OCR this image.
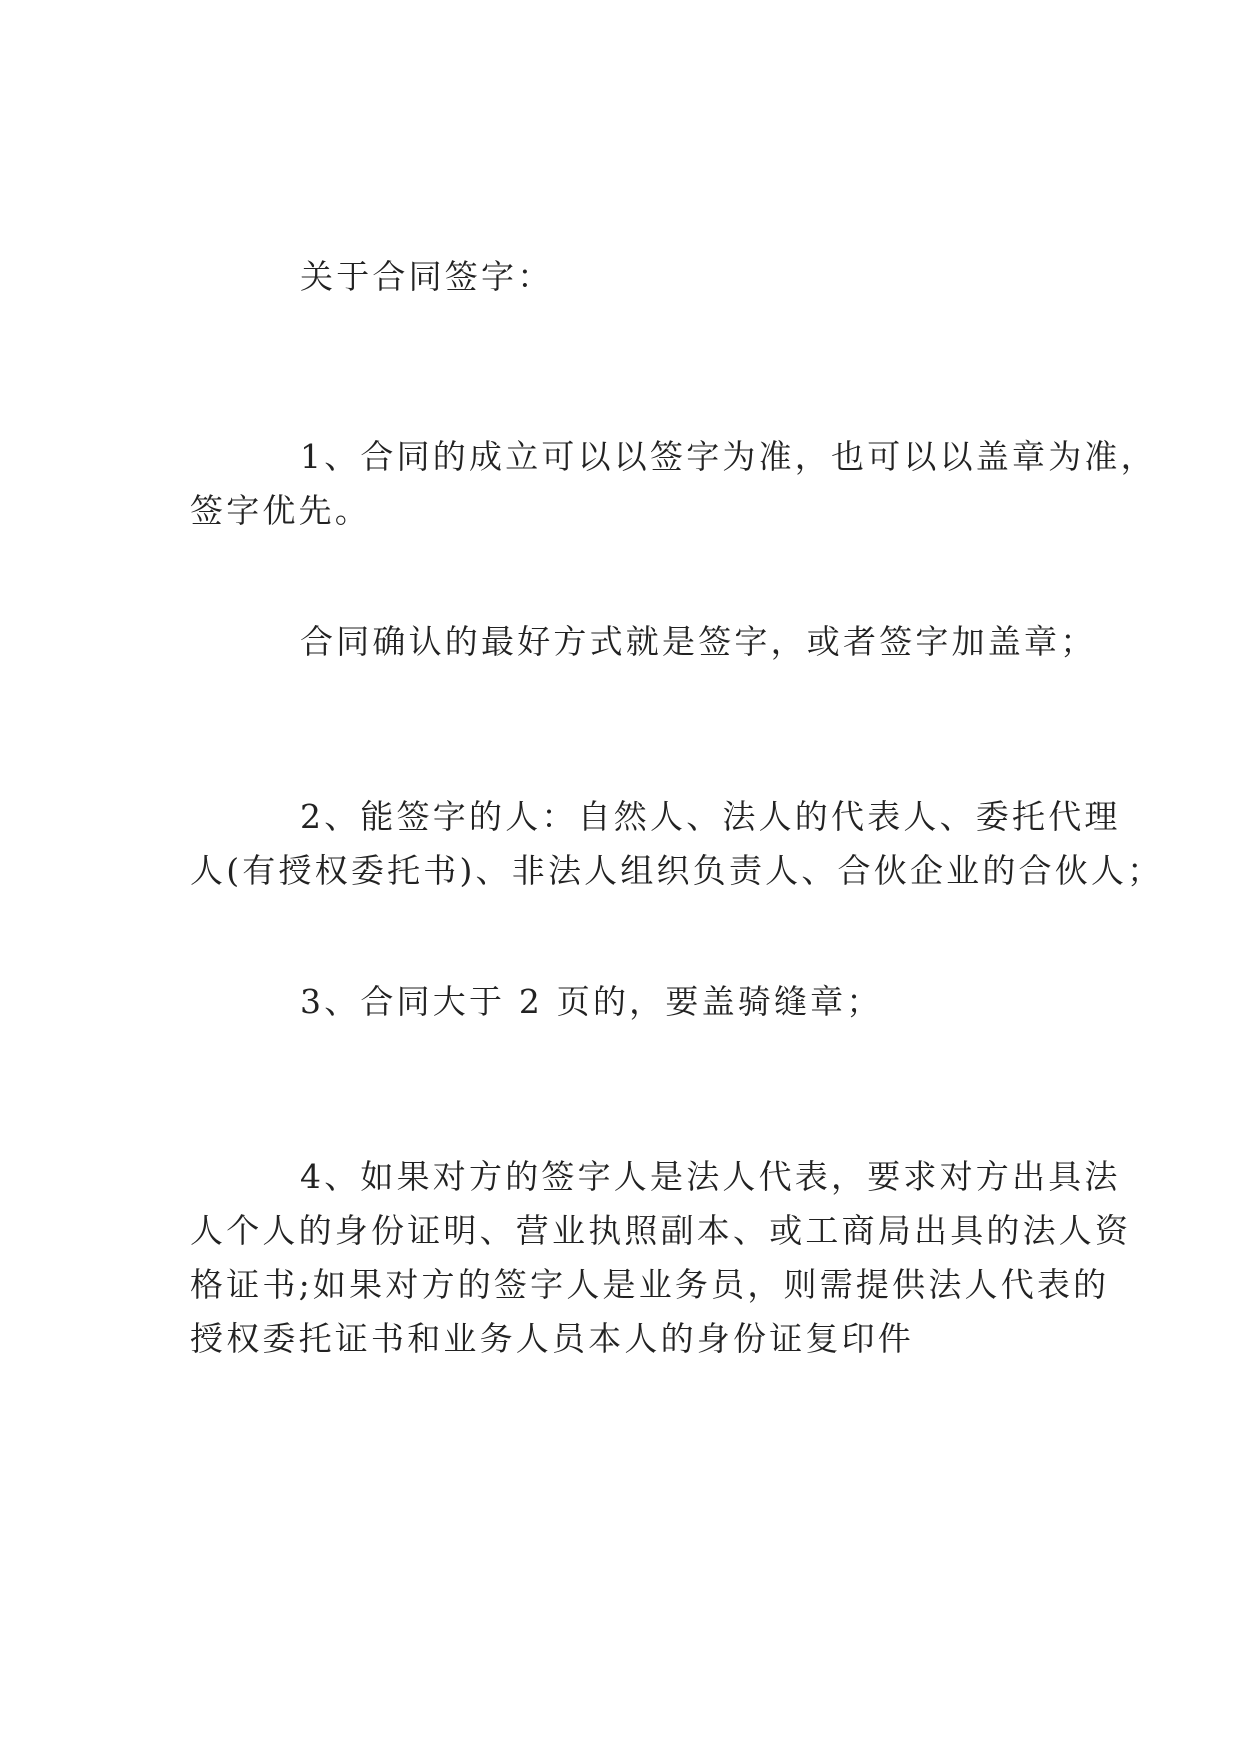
关于合同签字：

1、合同的成立可以以签字为准，也可以以盖章为准，
签字优先。

合同确认的最好方式就是签字，或者签字加盖章；

2、能签字的人：自然人、法人的代表人、委托代理
人(有授权委托书)、非法人组织负责人、合伙企业的合伙人；

3、合同大于 2 页的，要盖骑缝章；

4、如果对方的签字人是法人代表，要求对方出具法
人个人的身份证明、营业执照副本、或工商局出具的法人资
格证书;如果对方的签字人是业务员，则需提供法人代表的
授权委托证书和业务人员本人的身份证复印件
